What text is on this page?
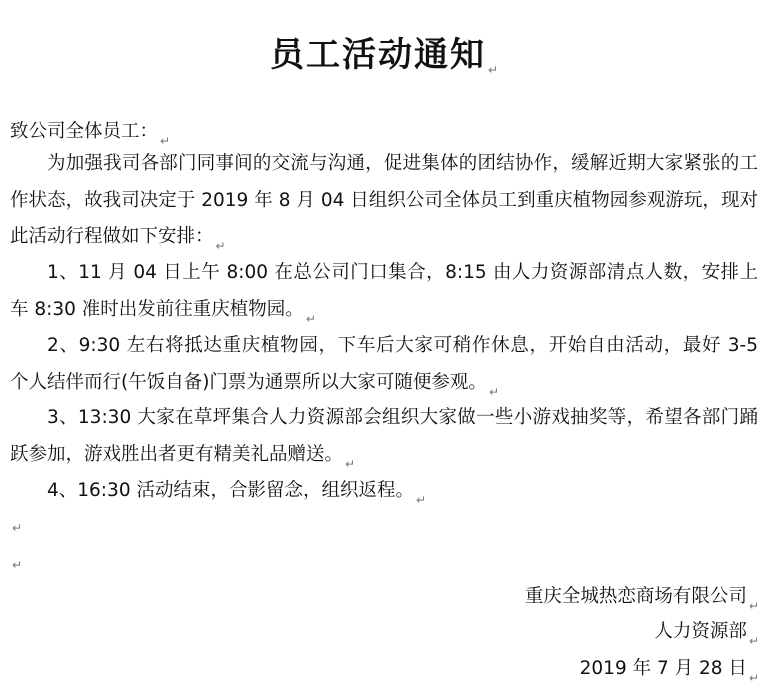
员工活动通知 $_↵$
致公司全体员工： $_↵$
为加强我司各部门同事间的交流与沟通，促进集体的团结协作，缓解近期大家紧张的工作状态，故我司决定于 2019 年 8 月 04 日组织公司全体员工到重庆植物园参观游玩，现对此活动行程做如下安排： $_↵$
1、11 月 04 日上午 8:00 在总公司门口集合，8:15 由人力资源部清点人数，安排上车 8:30 准时出发前往重庆植物园。 $_↵$
2、9:30 左右将抵达重庆植物园，下车后大家可稍作休息，开始自由活动，最好 3-5 个人结伴而行(午饭自备)门票为通票所以大家可随便参观。 $_↵$
3、13:30 大家在草坪集合人力资源部会组织大家做一些小游戏抽奖等，希望各部门踊跃参加，游戏胜出者更有精美礼品赠送。 $_↵$
4、16:30 活动结束，合影留念，组织返程。 $_↵$
↵
↵
重庆全城热恋商场有限公司 $_↵$
人力资源部 $_↵$
2019 年 7 月 28 日 $_↵$
